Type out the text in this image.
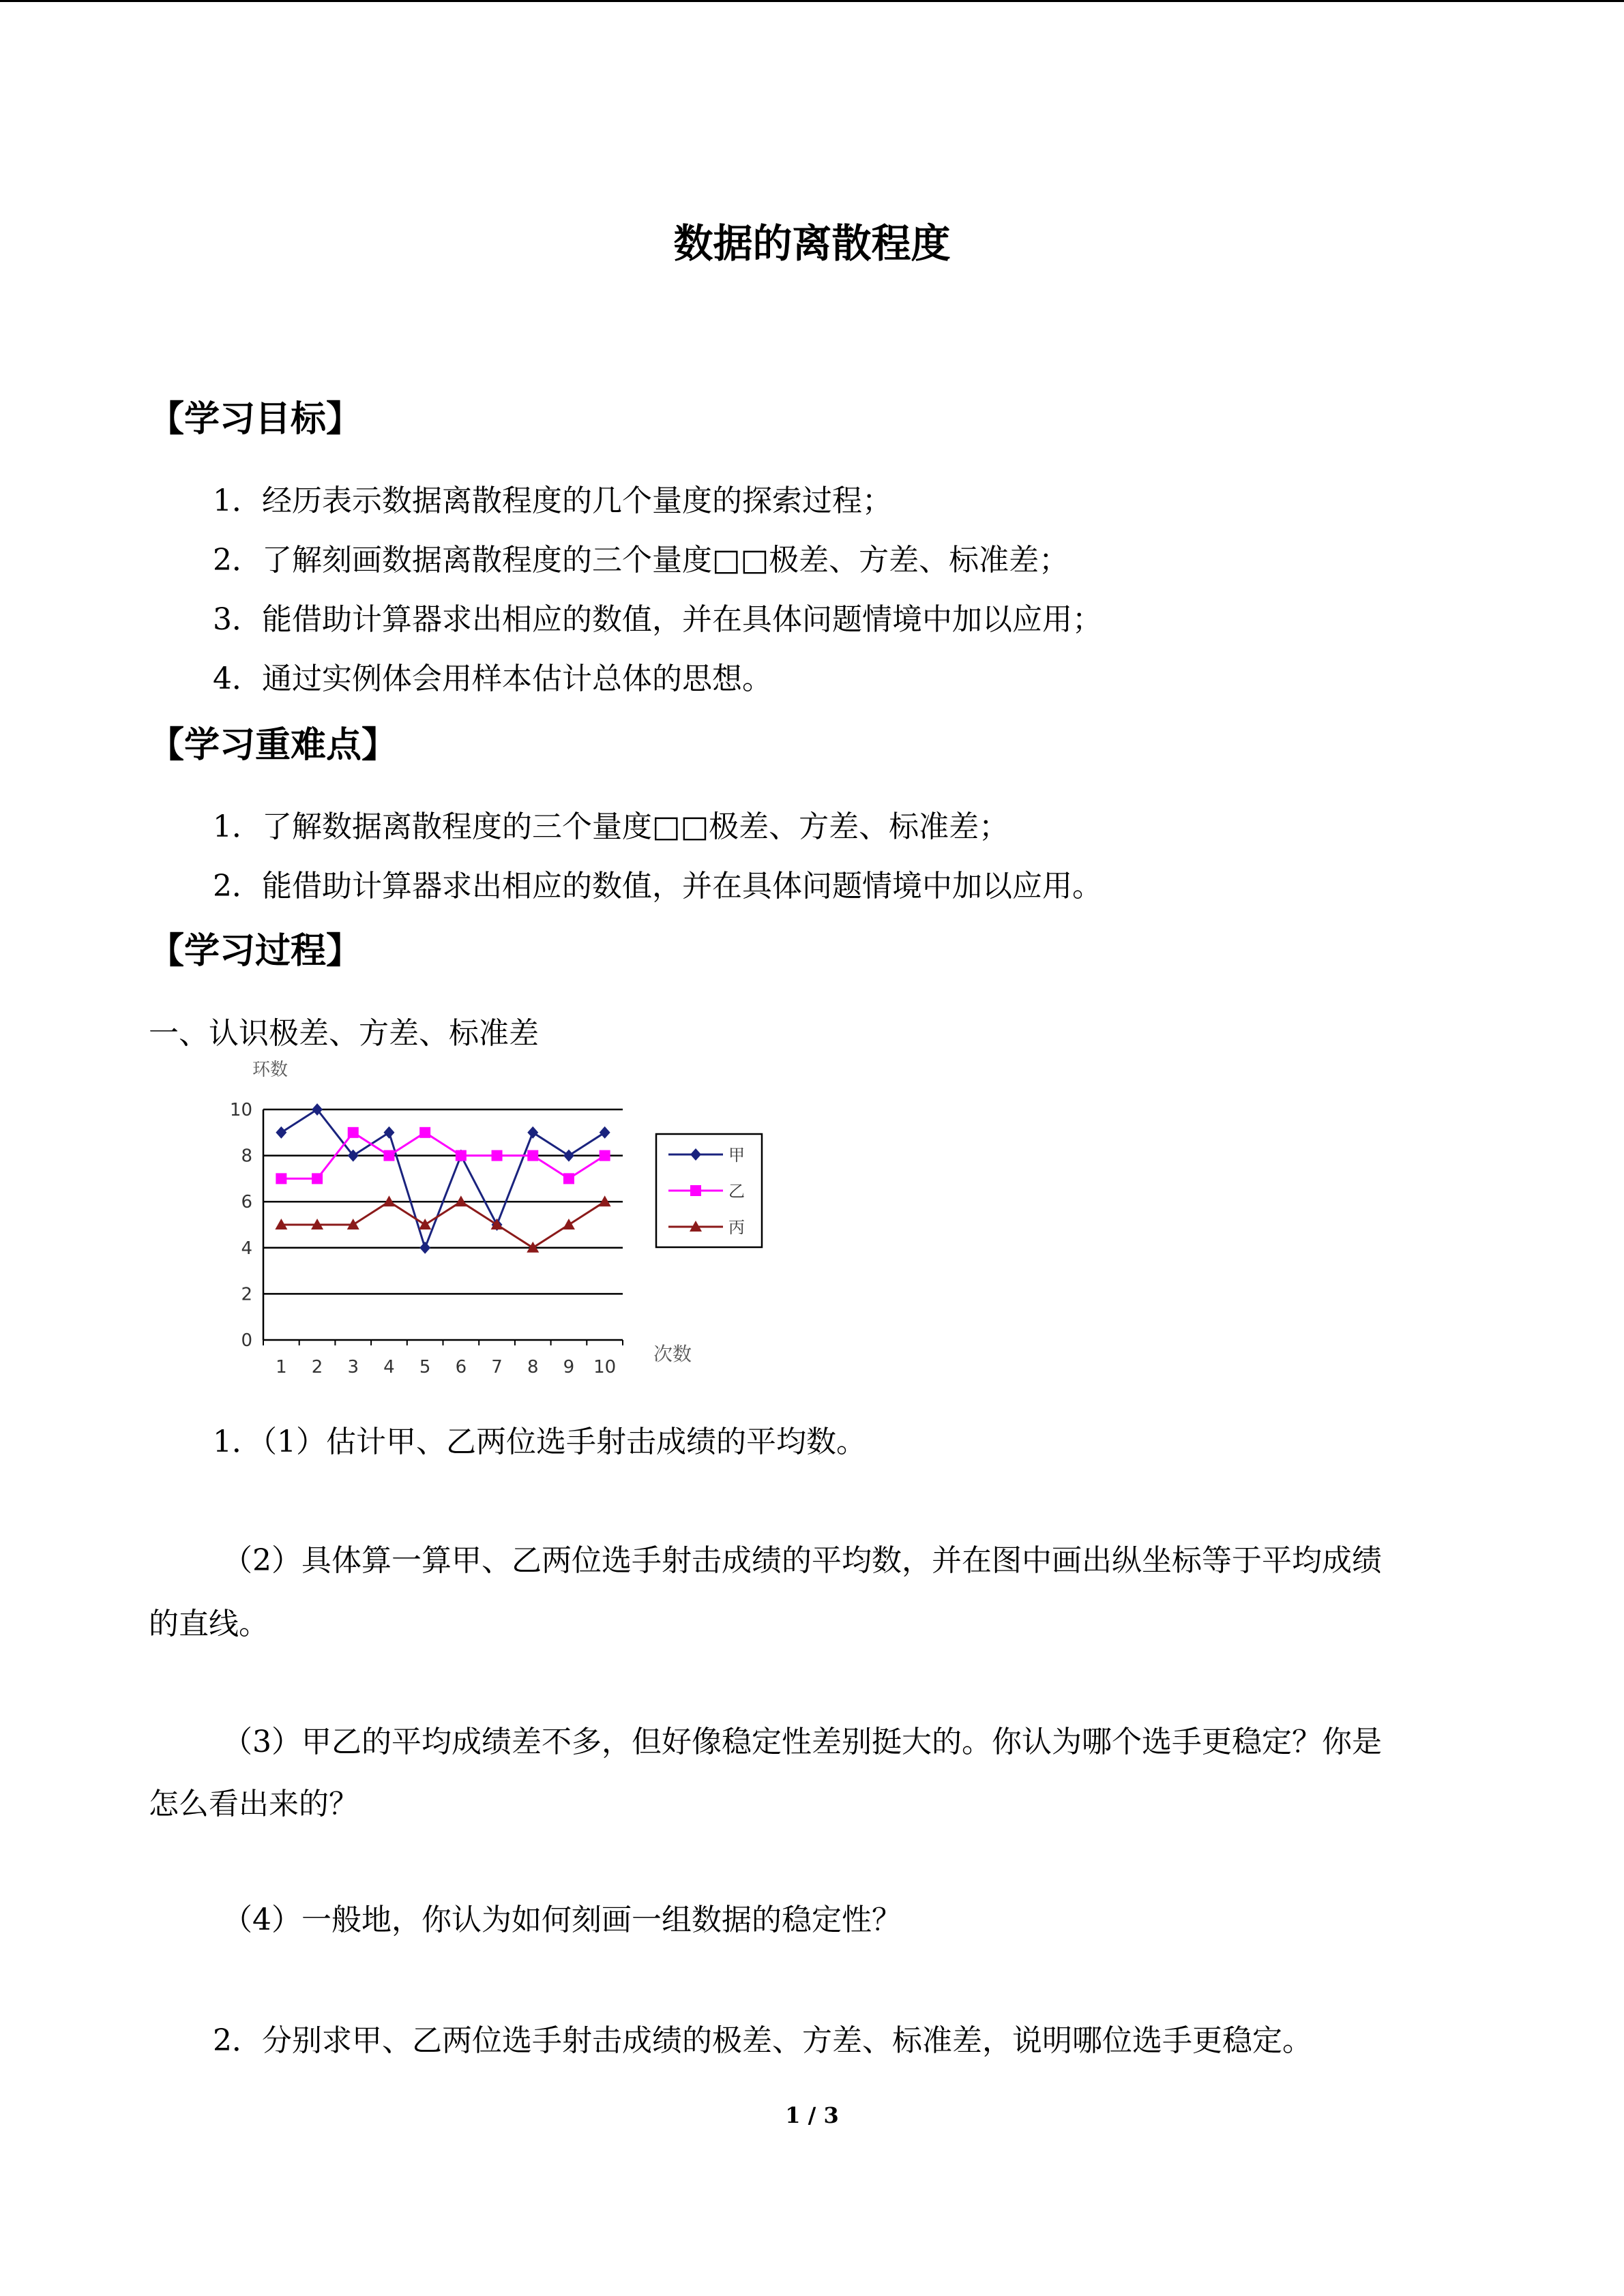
数据的离散程度
【学习目标】
1．经历表示数据离散程度的几个量度的探索过程；
2．了解刻画数据离散程度的三个量度□□极差、方差、标准差；
3．能借助计算器求出相应的数值，并在具体问题情境中加以应用；
4．通过实例体会用样本估计总体的思想。
【学习重难点】
1．了解数据离散程度的三个量度□□极差、方差、标准差；
2．能借助计算器求出相应的数值，并在具体问题情境中加以应用。
【学习过程】
一、认识极差、方差、标准差
环数
次数
0
2
4
6
8
10
1 2 3 4 5 6 7 8 9 10
甲
乙
丙
1．（1）估计甲、乙两位选手射击成绩的平均数。
（2）具体算一算甲、乙两位选手射击成绩的平均数，并在图中画出纵坐标等于平均成绩
的直线。
（3）甲乙的平均成绩差不多，但好像稳定性差别挺大的。你认为哪个选手更稳定？你是
怎么看出来的？
（4）一般地，你认为如何刻画一组数据的稳定性？
2．分别求甲、乙两位选手射击成绩的极差、方差、标准差，说明哪位选手更稳定。
1 / 3
